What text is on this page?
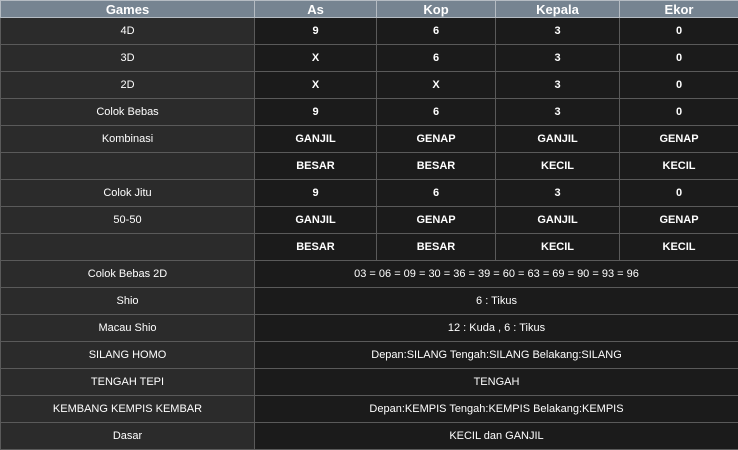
Games	As	Kop	Kepala	Ekor
4D	9	6	3	0
3D	X	6	3	0
2D	X	X	3	0
Colok Bebas	9	6	3	0
Kombinasi	GANJIL	GENAP	GANJIL	GENAP
	BESAR	BESAR	KECIL	KECIL
Colok Jitu	9	6	3	0
50-50	GANJIL	GENAP	GANJIL	GENAP
	BESAR	BESAR	KECIL	KECIL
Colok Bebas 2D	03 = 06 = 09 = 30 = 36 = 39 = 60 = 63 = 69 = 90 = 93 = 96			
Shio	6 : Tikus			
Macau Shio	12 : Kuda , 6 : Tikus			
SILANG HOMO	Depan:SILANG Tengah:SILANG Belakang:SILANG			
TENGAH TEPI	TENGAH			
KEMBANG KEMPIS KEMBAR	Depan:KEMPIS Tengah:KEMPIS Belakang:KEMPIS			
Dasar	KECIL dan GANJIL			
